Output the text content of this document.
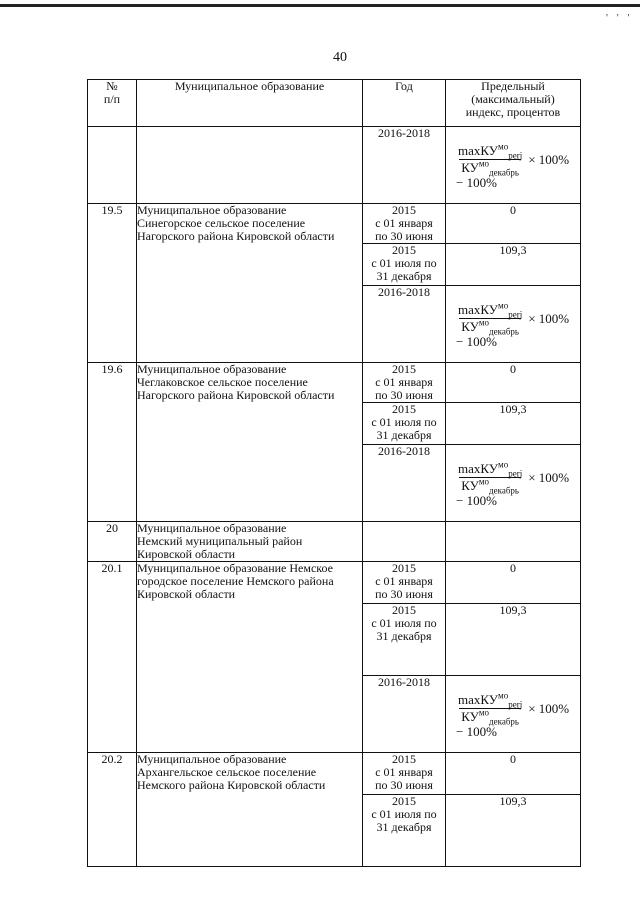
' ' '
40
№
п/п	Муниципальное образование	Год	Предельный
(максимальный)
индекс, процентов
		2016-2018	$\frac{\max КУ^{мо}_{perj}}{КУ^{мо}_{декабрь}} \times 100\%$
− 100%

19.5	Муниципальное образование
Синегорское сельское поселение
Нагорского района Кировской области	2015
с 01 января
по 30 июня	0
		2015
с 01 июля по
31 декабря	109,3
		2016-2018	$\frac{\max КУ^{мо}_{perj}}{КУ^{мо}_{декабрь}} \times 100\%$
− 100%

19.6	Муниципальное образование
Чеглаковское сельское поселение
Нагорского района Кировской области	2015
с 01 января
по 30 июня	0
		2015
с 01 июля по
31 декабря	109,3
		2016-2018	$\frac{\max КУ^{мо}_{perj}}{КУ^{мо}_{декабрь}} \times 100\%$
− 100%

20	Муниципальное образование
Немский муниципальный район
Кировской области		
20.1	Муниципальное образование Немское
городское поселение Немского района
Кировской области	2015
с 01 января
по 30 июня	0
		2015
с 01 июля по
31 декабря	109,3
		2016-2018	$\frac{\max КУ^{мо}_{perj}}{КУ^{мо}_{декабрь}} \times 100\%$
− 100%

20.2	Муниципальное образование
Архангельское сельское поселение
Немского района Кировской области	2015
с 01 января
по 30 июня	0
		2015
с 01 июля по
31 декабря	109,3
